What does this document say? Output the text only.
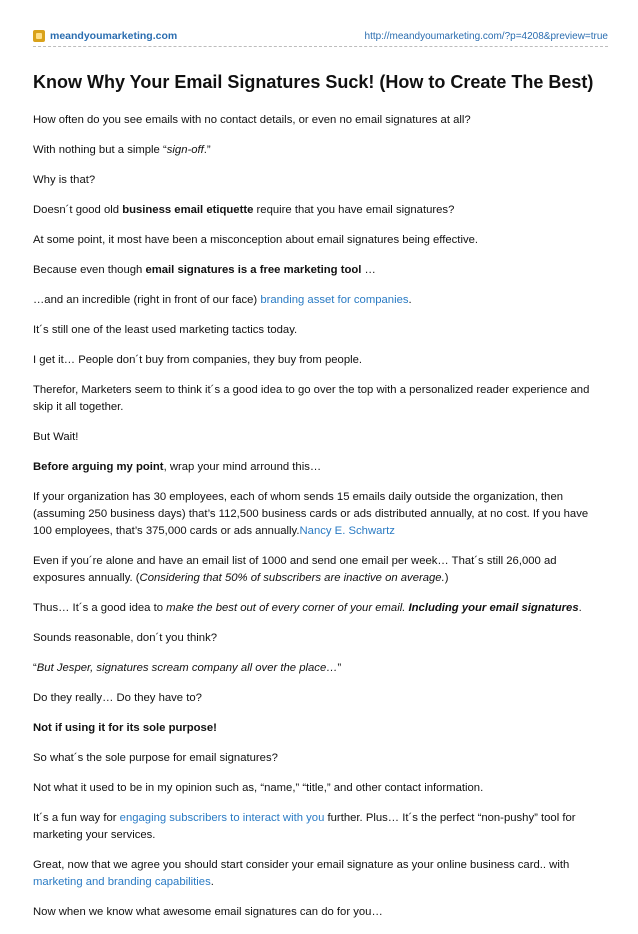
meandyoumarketing.com	http://meandyoumarketing.com/?p=4208&preview=true
Know Why Your Email Signatures Suck! (How to Create The Best)

How often do you see emails with no contact details, or even no email signatures at all?

With nothing but a simple “sign-off.”

Why is that?

Doesn´t good old business email etiquette require that you have email signatures?

At some point, it most have been a misconception about email signatures being effective.

Because even though email signatures is a free marketing tool …

…and an incredible (right in front of our face) branding asset for companies.

It´s still one of the least used marketing tactics today.

I get it… People don´t buy from companies, they buy from people.

Therefor, Marketers seem to think it´s a good idea to go over the top with a personalized reader experience and skip it all together.

But Wait!

Before arguing my point, wrap your mind arround this…

If your organization has 30 employees, each of whom sends 15 emails daily outside the organization, then (assuming 250 business days) that’s 112,500 business cards or ads distributed annually, at no cost. If you have 100 employees, that’s 375,000 cards or ads annually.Nancy E. Schwartz

Even if you´re alone and have an email list of 1000 and send one email per week… That´s still 26,000 ad exposures annually. (Considering that 50% of subscribers are inactive on average.)

Thus… It´s a good idea to make the best out of every corner of your email. Including your email signatures.

Sounds reasonable, don´t you think?

“But Jesper, signatures scream company all over the place…”

Do they really… Do they have to?

Not if using it for its sole purpose!

So what´s the sole purpose for email signatures?

Not what it used to be in my opinion such as, “name,” “title,” and other contact information.

It´s a fun way for engaging subscribers to interact with you further. Plus… It´s the perfect “non-pushy” tool for marketing your services.

Great, now that we agree you should start consider your email signature as your online business card.. with marketing and branding capabilities.

Now when we know what awesome email signatures can do for you…
